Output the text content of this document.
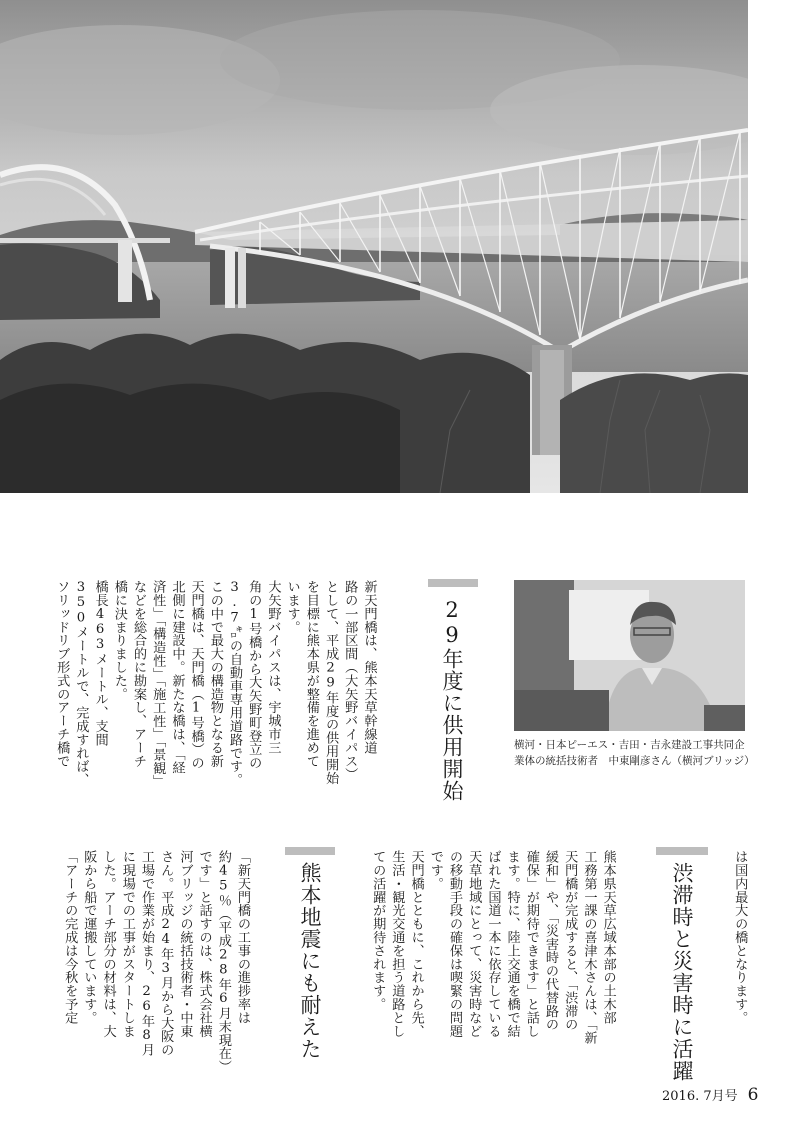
29年度に供用開始
新天門橋は、熊本天草幹線道
路の一部区間（大矢野バイパス）
として、平成29年度の供用開始
を目標に熊本県が整備を進めて
います。
大矢野バイパスは、宇城市三
角の1号橋から大矢野町登立の
3.7㌔の自動車専用道路です。
この中で最大の構造物となる新
天門橋は、天門橋（1号橋）の
北側に建設中。新たな橋は、「経
済性」「構造性」「施工性」「景観」
などを総合的に勘案し、アーチ
橋に決まりました。
橋長463メートル、支間
350メートルで、完成すれば、
ソリッドリブ形式のアーチ橋で	横河・日本ピーエス・吉田・吉永建設工事共同企
業体の統括技術者　中東剛彦さん（横河ブリッジ）
渋滞時と災害時に活躍	は国内最大の橋となります。
熊本県天草広域本部の土木部
工務第一課の喜津木さんは、「新
天門橋が完成すると、「渋滞の
緩和」や、「災害時の代替路の
確保」が期待できます」と話し
ます。特に、陸上交通を橋で結
ばれた国道一本に依存している
天草地域にとって、災害時など
の移動手段の確保は喫緊の問題
です。
天門橋とともに、これから先、
生活・観光交通を担う道路とし
ての活躍が期待されます。
熊本地震にも耐えた
「新天門橋の工事の進捗率は
約45％（平成28年6月末現在）
です」と話すのは、株式会社横
河ブリッジの統括技術者・中東
さん。平成24年3月から大阪の
工場で作業が始まり、26年8月
に現場での工事がスタートしま
した。アーチ部分の材料は、大
阪から船で運搬しています。
「アーチの完成は今秋を予定
2016. 7月号 6
